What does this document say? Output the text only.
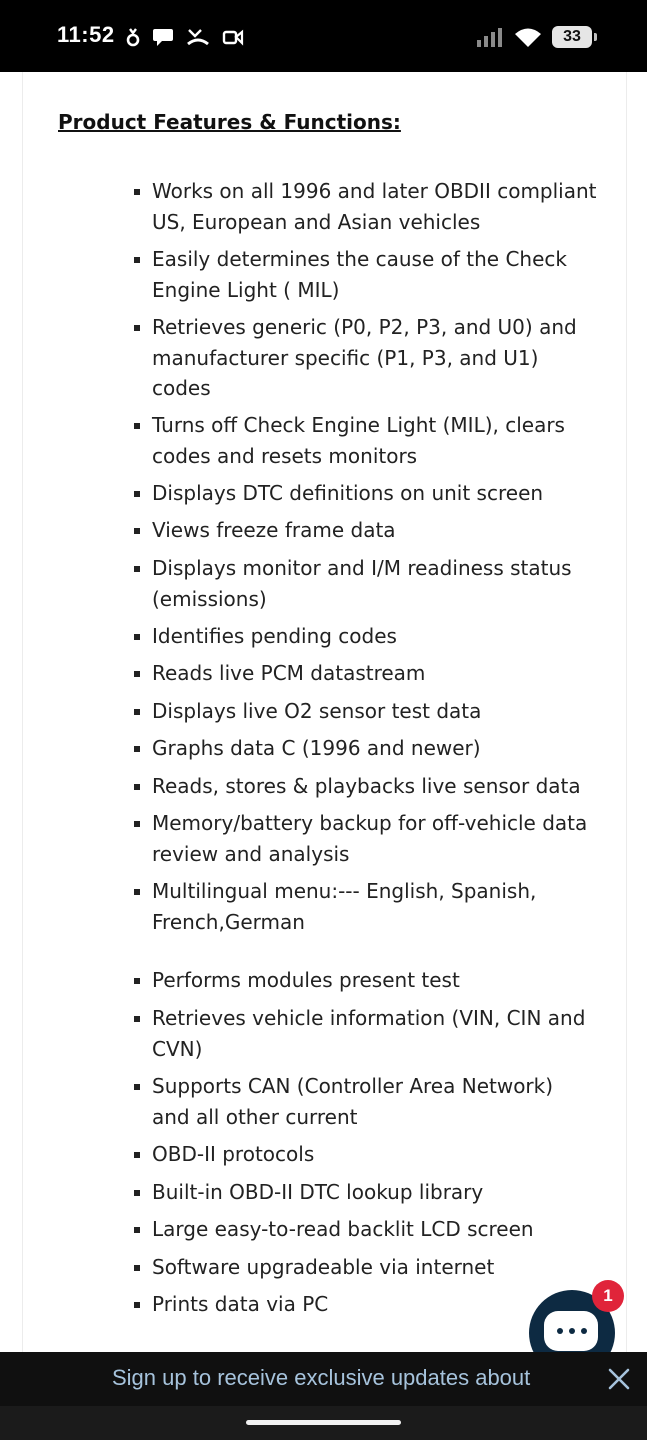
11:52	33
Product Features & Functions:
Works on all 1996 and later OBDII compliant US, European and Asian vehicles
Easily determines the cause of the Check Engine Light ( MIL)
Retrieves generic (P0, P2, P3, and U0) and manufacturer specific (P1, P3, and U1) codes
Turns off Check Engine Light (MIL), clears codes and resets monitors
Displays DTC definitions on unit screen
Views freeze frame data
Displays monitor and I/M readiness status (emissions)
Identifies pending codes
Reads live PCM datastream
Displays live O2 sensor test data
Graphs data C (1996 and newer)
Reads, stores & playbacks live sensor data
Memory/battery backup for off-vehicle data review and analysis
Multilingual menu:--- English, Spanish, French,German
Performs modules present test
Retrieves vehicle information (VIN, CIN and CVN)
Supports CAN (Controller Area Network) and all other current
OBD-II protocols
Built-in OBD-II DTC lookup library
Large easy-to-read backlit LCD screen
Software upgradeable via internet
Prints data via PC	1
Sign up to receive exclusive updates about
